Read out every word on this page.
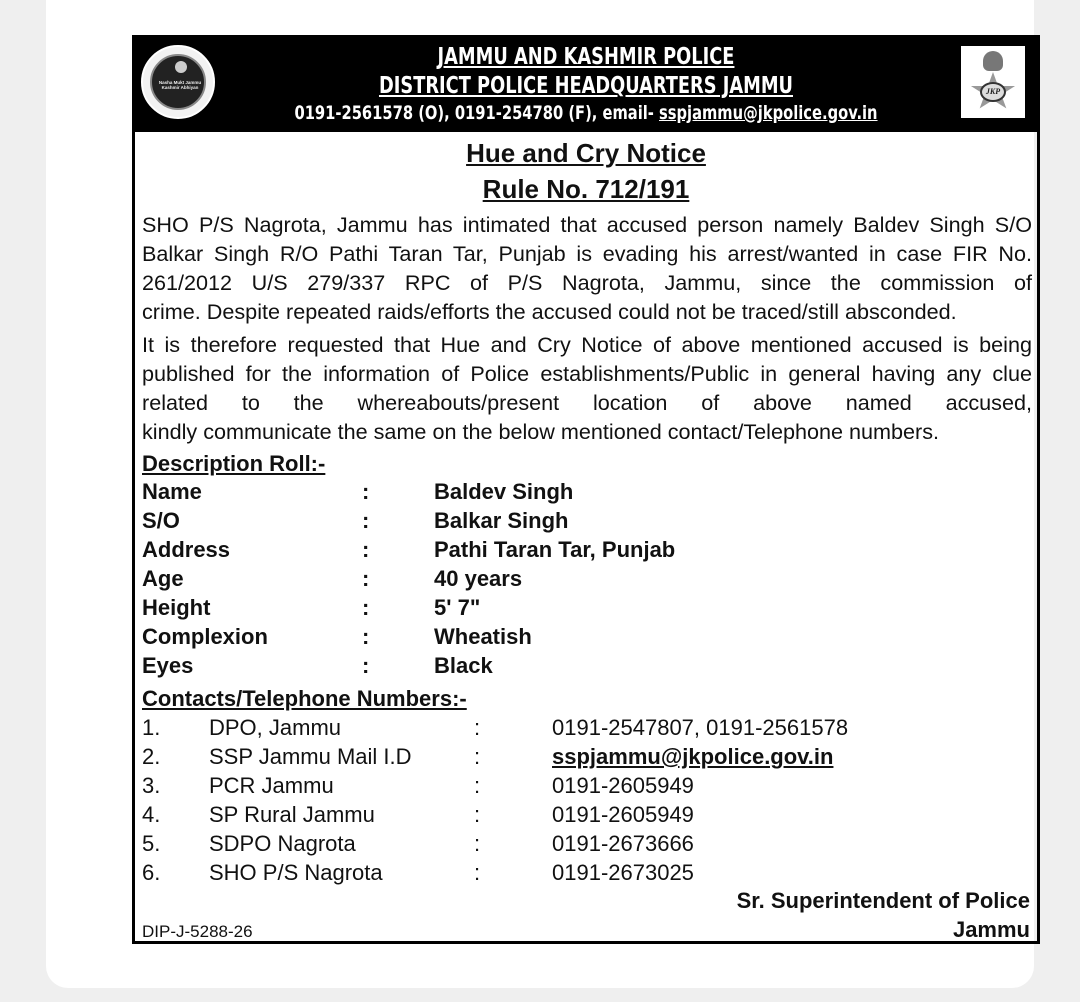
Nasha Mukt Jammu Kashmir Abhiyan
JAMMU AND KASHMIR POLICE
DISTRICT POLICE HEADQUARTERS JAMMU
0191-2561578 (O), 0191-254780 (F), email- sspjammu@jkpolice.gov.in
JKP
Hue and Cry Notice
Rule No. 712/191
SHO P/S Nagrota, Jammu has intimated that accused person namely Baldev Singh S/O Balkar Singh R/O Pathi Taran Tar, Punjab is evading his arrest/wanted in case FIR No. 261/2012 U/S 279/337 RPC of P/S Nagrota, Jammu, since the commission of
crime. Despite repeated raids/efforts the accused could not be traced/still absconded.
It is therefore requested that Hue and Cry Notice of above mentioned accused is being published for the information of Police establishments/Public in general having any clue related to the whereabouts/present location of above named accused,
kindly communicate the same on the below mentioned contact/Telephone numbers.
Description Roll:-
Name	:	Baldev Singh
S/O	:	Balkar Singh
Address	:	Pathi Taran Tar, Punjab
Age	:	40 years
Height	:	5' 7"
Complexion	:	Wheatish
Eyes	:	Black
Contacts/Telephone Numbers:-
1. DPO, Jammu	:	0191-2547807, 0191-2561578
2. SSP Jammu Mail I.D	:	sspjammu@jkpolice.gov.in
3. PCR Jammu	:	0191-2605949
4. SP Rural Jammu	:	0191-2605949
5. SDPO Nagrota	:	0191-2673666
6. SHO P/S Nagrota	:	0191-2673025
Sr. Superintendent of Police
Jammu
DIP-J-5288-26
